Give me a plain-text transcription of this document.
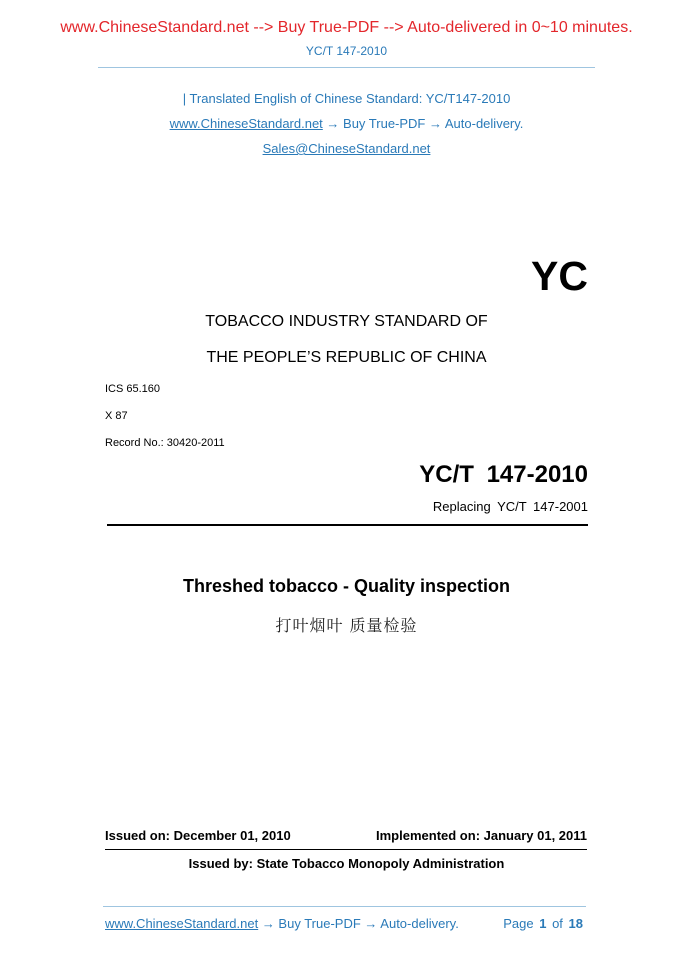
www.ChineseStandard.net --> Buy True-PDF --> Auto-delivered in 0~10 minutes.
YC/T 147-2010
| Translated English of Chinese Standard: YC/T147-2010
www.ChineseStandard.net → Buy True-PDF → Auto-delivery.
Sales@ChineseStandard.net
YC
TOBACCO INDUSTRY STANDARD OF
THE PEOPLE’S REPUBLIC OF CHINA
ICS 65.160
X 87
Record No.: 30420-2011
YC/T 147-2010
Replacing YC/T 147-2001
Threshed tobacco - Quality inspection
打叶烟叶 质量检验
Issued on: December 01, 2010	Implemented on: January 01, 2011
Issued by: State Tobacco Monopoly Administration
www.ChineseStandard.net → Buy True-PDF → Auto-delivery.	Page 1 of 18
